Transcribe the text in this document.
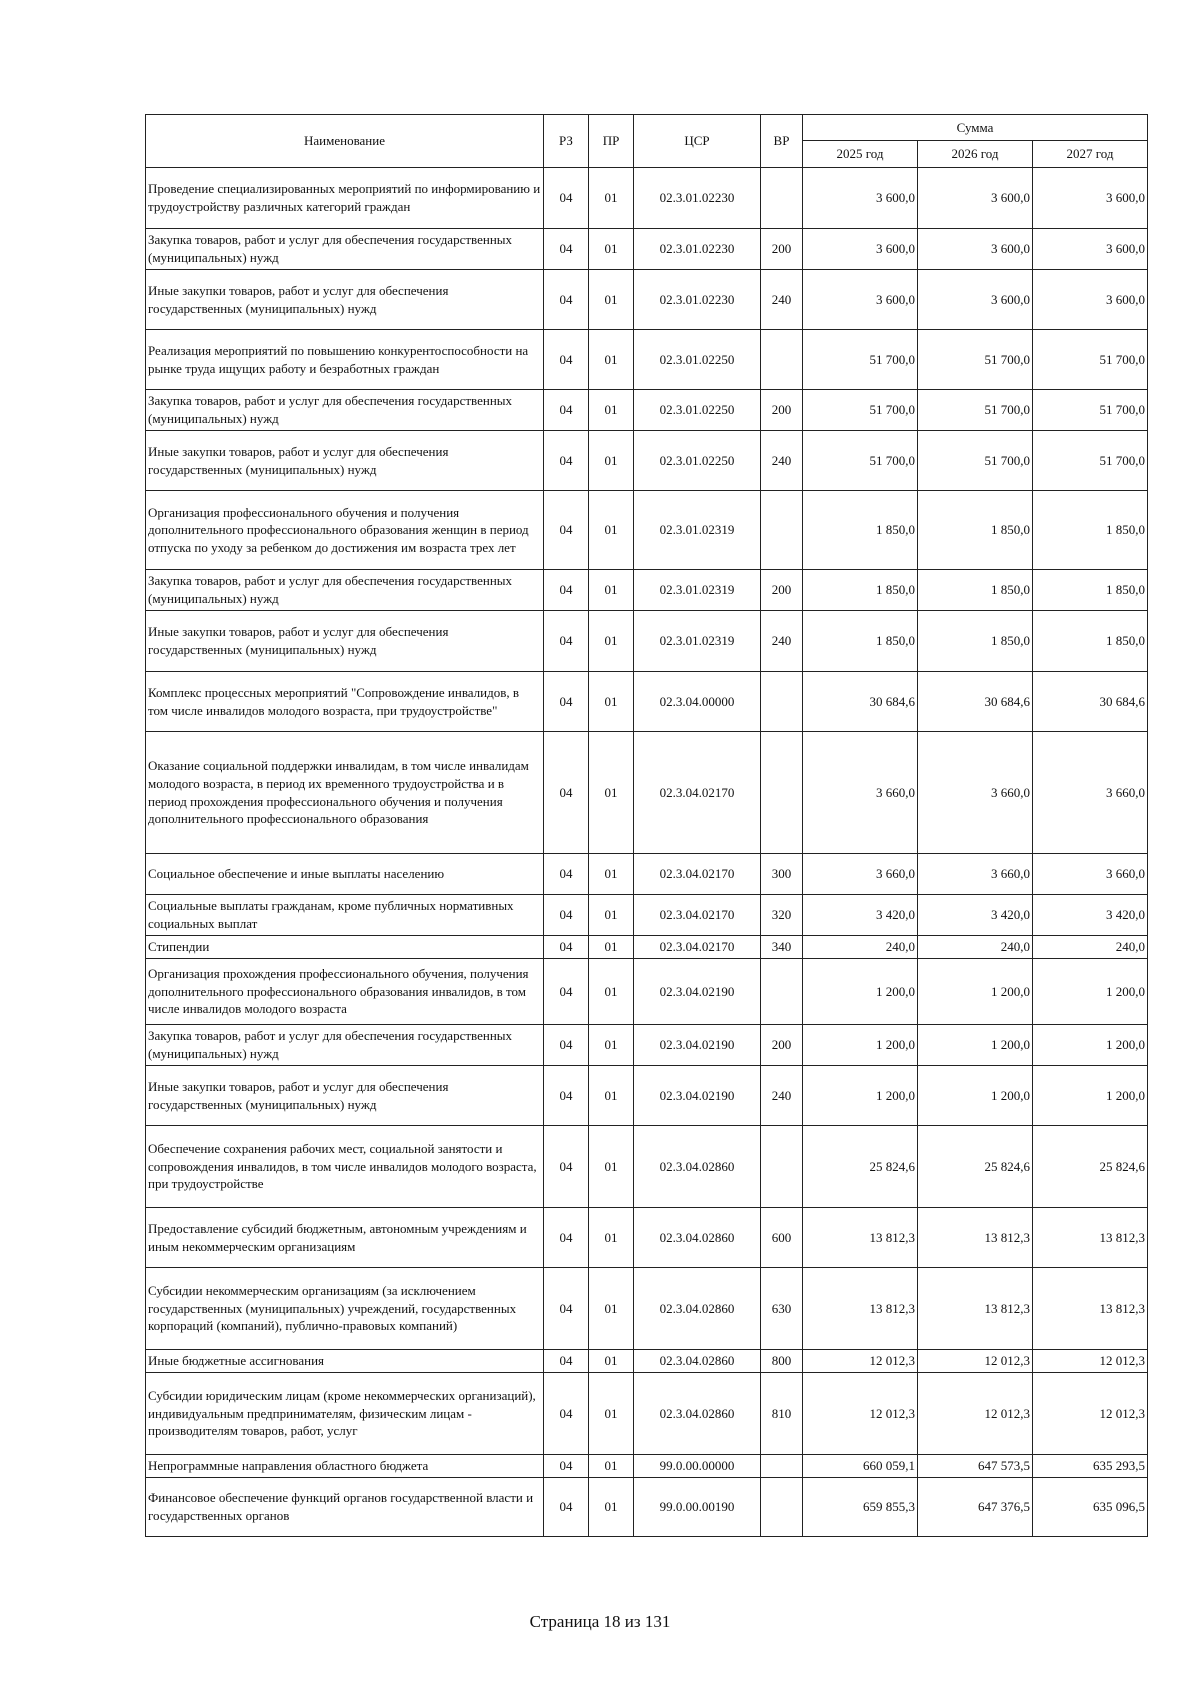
Наименование	РЗ	ПР	ЦСР	ВР	Сумма		
					2025 год	2026 год	2027 год
Проведение специализированных мероприятий по информированию и трудоустройству различных категорий граждан	04	01	02.3.01.02230		3 600,0	3 600,0	3 600,0
Закупка товаров, работ и услуг для обеспечения государственных (муниципальных) нужд	04	01	02.3.01.02230	200	3 600,0	3 600,0	3 600,0
Иные закупки товаров, работ и услуг для обеспечения государственных (муниципальных) нужд	04	01	02.3.01.02230	240	3 600,0	3 600,0	3 600,0
Реализация мероприятий по повышению конкурентоспособности на рынке труда ищущих работу и безработных граждан	04	01	02.3.01.02250		51 700,0	51 700,0	51 700,0
Закупка товаров, работ и услуг для обеспечения государственных (муниципальных) нужд	04	01	02.3.01.02250	200	51 700,0	51 700,0	51 700,0
Иные закупки товаров, работ и услуг для обеспечения государственных (муниципальных) нужд	04	01	02.3.01.02250	240	51 700,0	51 700,0	51 700,0
Организация профессионального обучения и получения дополнительного профессионального образования женщин в период отпуска по уходу за ребенком до достижения им возраста трех лет	04	01	02.3.01.02319		1 850,0	1 850,0	1 850,0
Закупка товаров, работ и услуг для обеспечения государственных (муниципальных) нужд	04	01	02.3.01.02319	200	1 850,0	1 850,0	1 850,0
Иные закупки товаров, работ и услуг для обеспечения государственных (муниципальных) нужд	04	01	02.3.01.02319	240	1 850,0	1 850,0	1 850,0
Комплекс процессных мероприятий "Сопровождение инвалидов, в том числе инвалидов молодого возраста, при трудоустройстве"	04	01	02.3.04.00000		30 684,6	30 684,6	30 684,6
Оказание социальной поддержки инвалидам, в том числе инвалидам молодого возраста, в период их временного трудоустройства и в период прохождения профессионального обучения и получения дополнительного профессионального образования	04	01	02.3.04.02170		3 660,0	3 660,0	3 660,0
Социальное обеспечение и иные выплаты населению	04	01	02.3.04.02170	300	3 660,0	3 660,0	3 660,0
Социальные выплаты гражданам, кроме публичных нормативных социальных выплат	04	01	02.3.04.02170	320	3 420,0	3 420,0	3 420,0
Стипендии	04	01	02.3.04.02170	340	240,0	240,0	240,0
Организация прохождения профессионального обучения, получения дополнительного профессионального образования инвалидов, в том числе инвалидов молодого возраста	04	01	02.3.04.02190		1 200,0	1 200,0	1 200,0
Закупка товаров, работ и услуг для обеспечения государственных (муниципальных) нужд	04	01	02.3.04.02190	200	1 200,0	1 200,0	1 200,0
Иные закупки товаров, работ и услуг для обеспечения государственных (муниципальных) нужд	04	01	02.3.04.02190	240	1 200,0	1 200,0	1 200,0
Обеспечение сохранения рабочих мест, социальной занятости и сопровождения инвалидов, в том числе инвалидов молодого возраста, при трудоустройстве	04	01	02.3.04.02860		25 824,6	25 824,6	25 824,6
Предоставление субсидий бюджетным, автономным учреждениям и иным некоммерческим организациям	04	01	02.3.04.02860	600	13 812,3	13 812,3	13 812,3
Субсидии некоммерческим организациям (за исключением государственных (муниципальных) учреждений, государственных корпораций (компаний), публично-правовых компаний)	04	01	02.3.04.02860	630	13 812,3	13 812,3	13 812,3
Иные бюджетные ассигнования	04	01	02.3.04.02860	800	12 012,3	12 012,3	12 012,3
Субсидии юридическим лицам (кроме некоммерческих организаций), индивидуальным предпринимателям, физическим лицам - производителям товаров, работ, услуг	04	01	02.3.04.02860	810	12 012,3	12 012,3	12 012,3
Непрограммные направления областного бюджета	04	01	99.0.00.00000		660 059,1	647 573,5	635 293,5
Финансовое обеспечение функций органов государственной власти и государственных органов	04	01	99.0.00.00190		659 855,3	647 376,5	635 096,5
Страница 18 из 131
